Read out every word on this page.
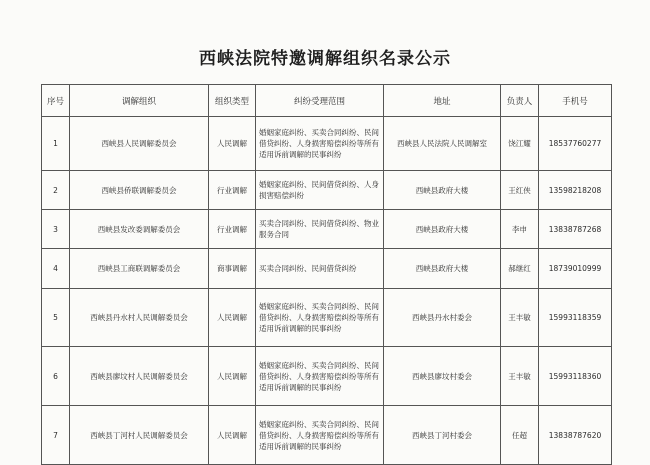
西峡法院特邀调解组织名录公示
序号	调解组织	组织类型	纠纷受理范围	地址	负责人	手机号
1	西峡县人民调解委员会	人民调解	婚姻家庭纠纷、买卖合同纠纷、民间借贷纠纷、人身损害赔偿纠纷等所有适用诉前调解的民事纠纷	西峡县人民法院人民调解室	饶江耀	18537760277
2	西峡县侨联调解委员会	行业调解	婚姻家庭纠纷、民间借贷纠纷、人身损害赔偿纠纷	西峡县政府大楼	王红侠	13598218208
3	西峡县发改委调解委员会	行业调解	买卖合同纠纷、民间借贷纠纷、物业服务合同	西峡县政府大楼	李申	13838787268
4	西峡县工商联调解委员会	商事调解	买卖合同纠纷、民间借贷纠纷	西峡县政府大楼	郝继红	18739010999
5	西峡县丹水村人民调解委员会	人民调解	婚姻家庭纠纷、买卖合同纠纷、民间借贷纠纷、人身损害赔偿纠纷等所有适用诉前调解的民事纠纷	西峡县丹水村委会	王丰敏	15993118359
6	西峡县廖坟村人民调解委员会	人民调解	婚姻家庭纠纷、买卖合同纠纷、民间借贷纠纷、人身损害赔偿纠纷等所有适用诉前调解的民事纠纷	西峡县廖坟村委会	王丰敏	15993118360
7	西峡县丁河村人民调解委员会	人民调解	婚姻家庭纠纷、买卖合同纠纷、民间借贷纠纷、人身损害赔偿纠纷等所有适用诉前调解的民事纠纷	西峡县丁河村委会	任超	13838787620
